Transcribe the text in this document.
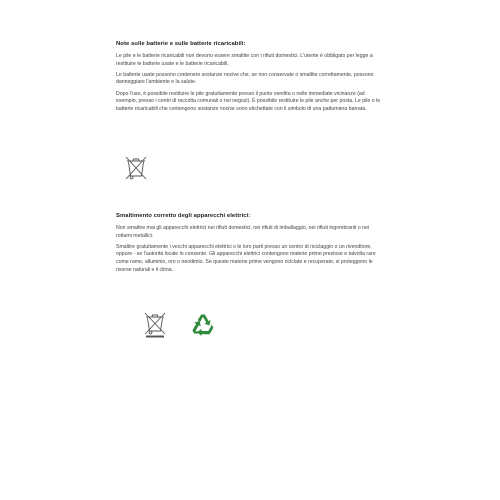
Note sulle batterie e sulle batterie ricaricabili:

Le pile e le batterie ricaricabili non devono essere smaltite con i rifiuti domestici. L'utente è obbligato per legge a restituire le batterie usate e le batterie ricaricabili.

Le batterie usate possono contenere sostanze nocive che, se non conservate o smaltite correttamente, possono danneggiare l'ambiente e la salute.

Dopo l'uso, è possibile restituire le pile gratuitamente presso il punto vendita o nelle immediate vicinanze (ad esempio, presso i centri di raccolta comunali o nei negozi). È possibile restituire le pile anche per posta. Le pile o le batterie ricaricabili che contengono sostanze nocive sono etichettate con il simbolo di una pattumiera barrata.

Smaltimento corretto degli apparecchi elettrici:

Non smaltire mai gli apparecchi elettrici nei rifiuti domestici, nei rifiuti di imballaggio, nei rifiuti ingombranti o nei rottami metallici.

Smaltire gratuitamente i vecchi apparecchi elettrici o le loro parti presso un centro di riciclaggio o un rivenditore, oppure - se l'autorità locale lo consente. Gli apparecchi elettrici contengono materie prime preziose e talvolta rare come rame, alluminio, oro o neodimio. Se queste materie prime vengono riciclate e recuperate, si proteggono le risorse naturali e il clima.
